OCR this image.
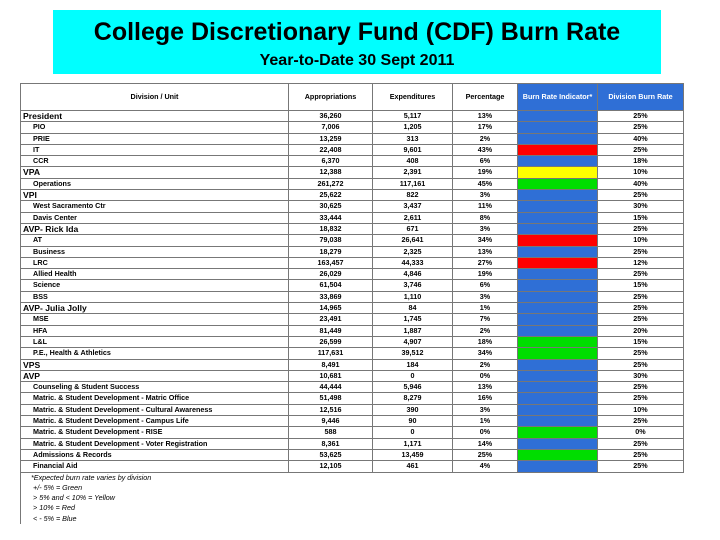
College Discretionary Fund (CDF) Burn Rate
Year-to-Date 30 Sept 2011
Division / Unit	Appropriations	Expenditures	Percentage	Burn Rate Indicator*	Division Burn Rate
President	36,260	5,117	13%		25%
PIO	7,006	1,205	17%		25%
PRIE	13,259	313	2%		40%
IT	22,408	9,601	43%		25%
CCR	6,370	408	6%		18%
VPA	12,388	2,391	19%		10%
Operations	261,272	117,161	45%		40%
VPI	25,622	822	3%		25%
West Sacramento Ctr	30,625	3,437	11%		30%
Davis Center	33,444	2,611	8%		15%
AVP- Rick Ida	18,832	671	3%		25%
AT	79,038	26,641	34%		10%
Business	18,279	2,325	13%		25%
LRC	163,457	44,333	27%		12%
Allied Health	26,029	4,846	19%		25%
Science	61,504	3,746	6%		15%
BSS	33,869	1,110	3%		25%
AVP- Julia Jolly	14,965	84	1%		25%
MSE	23,491	1,745	7%		25%
HFA	81,449	1,887	2%		20%
L&L	26,599	4,907	18%		15%
P.E., Health & Athletics	117,631	39,512	34%		25%
VPS	8,491	184	2%		25%
AVP	10,681	0	0%		30%
Counseling & Student Success	44,444	5,946	13%		25%
Matric. & Student Development - Matric Office	51,498	8,279	16%		25%
Matric. & Student Development - Cultural Awareness	12,516	390	3%		10%
Matric. & Student Development - Campus Life	9,446	90	1%		25%
Matric. & Student Development - RISE	588	0	0%		0%
Matric. & Student Development - Voter Registration	8,361	1,171	14%		25%
Admissions & Records	53,625	13,459	25%		25%
Financial Aid	12,105	461	4%		25%
*Expected burn rate varies by division					
+/- 5% = Green					
> 5% and < 10% = Yellow					
> 10% = Red					
< - 5% = Blue					
